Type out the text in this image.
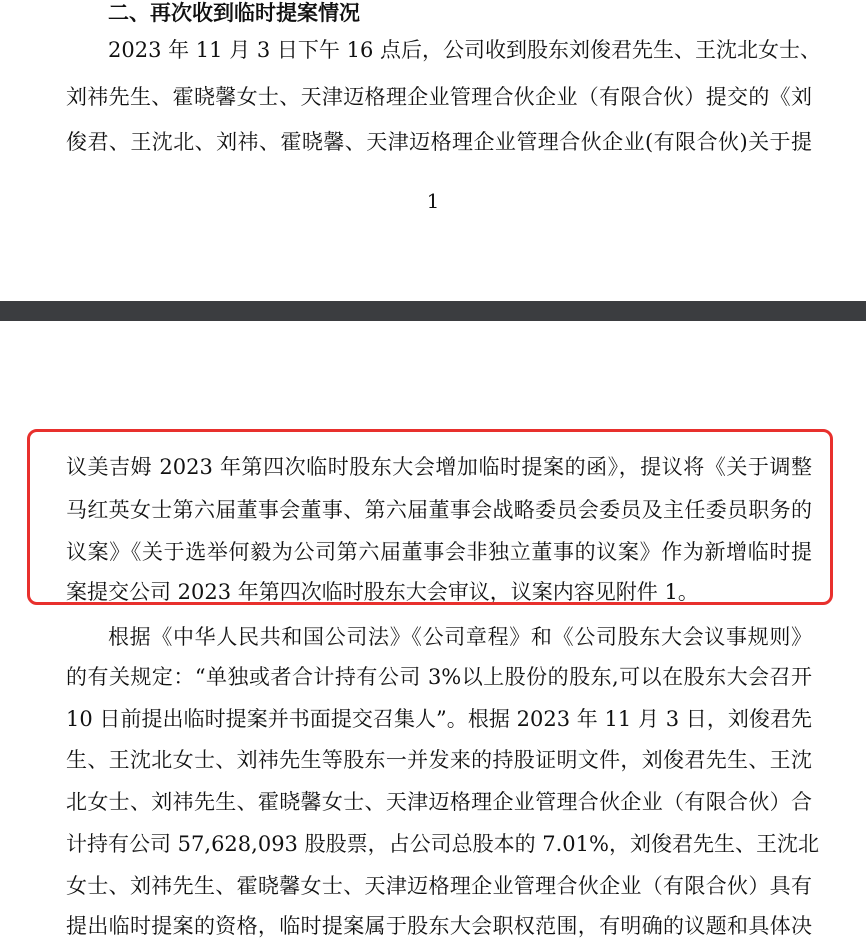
二、再次收到临时提案情况
2023 年 11 月 3 日下午 16 点后，公司收到股东刘俊君先生、王沈北女士、
刘祎先生、霍晓馨女士、天津迈格理企业管理合伙企业（有限合伙）提交的《刘
俊君、王沈北、刘祎、霍晓馨、天津迈格理企业管理合伙企业(有限合伙)关于提
1
议美吉姆 2023 年第四次临时股东大会增加临时提案的函》，提议将《关于调整
马红英女士第六届董事会董事、第六届董事会战略委员会委员及主任委员职务的
议案》《关于选举何毅为公司第六届董事会非独立董事的议案》作为新增临时提
案提交公司 2023 年第四次临时股东大会审议，议案内容见附件 1。
根据《中华人民共和国公司法》《公司章程》和《公司股东大会议事规则》
的有关规定：“单独或者合计持有公司 3%以上股份的股东,可以在股东大会召开
10 日前提出临时提案并书面提交召集人”。根据 2023 年 11 月 3 日，刘俊君先
生、王沈北女士、刘祎先生等股东一并发来的持股证明文件，刘俊君先生、王沈
北女士、刘祎先生、霍晓馨女士、天津迈格理企业管理合伙企业（有限合伙）合
计持有公司 57,628,093 股股票，占公司总股本的 7.01%，刘俊君先生、王沈北
女士、刘祎先生、霍晓馨女士、天津迈格理企业管理合伙企业（有限合伙）具有
提出临时提案的资格，临时提案属于股东大会职权范围，有明确的议题和具体决
